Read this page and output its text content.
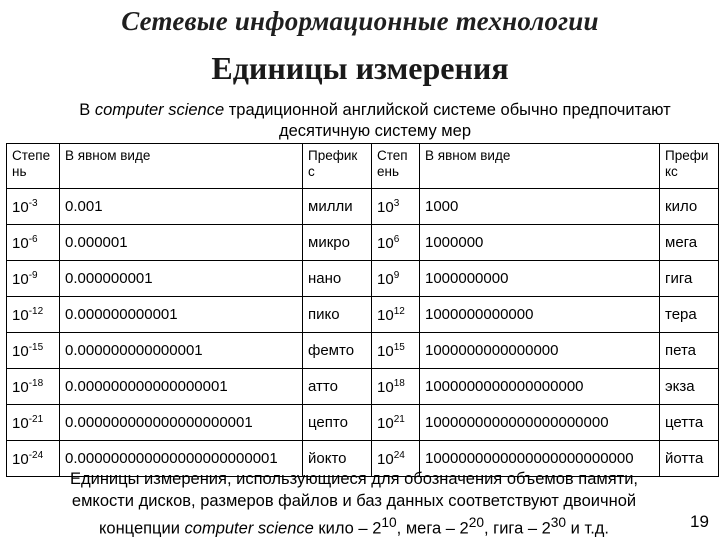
Сетевые информационные технологии
Единицы измерения
В computer science традиционной английской системе обычно предпочитают
десятичную систему мер
Степе нь	В явном виде	Префик с	Степ ень	В явном виде	Префи кс
$10^{-3}$	0.001	милли	$10^3$	1000	кило
$10^{-6}$	0.000001	микро	$10^6$	1000000	мега
$10^{-9}$	0.000000001	нано	$10^9$	1000000000	гига
$10^{-12}$	0.000000000001	пико	$10^{12}$	1000000000000	тера
$10^{-15}$	0.000000000000001	фемто	$10^{15}$	1000000000000000	пета
$10^{-18}$	0.000000000000000001	атто	$10^{18}$	1000000000000000000	экза
$10^{-21}$	0.000000000000000000001	цепто	$10^{21}$	1000000000000000000000	цетта
$10^{-24}$	0.000000000000000000000001	йокто	$10^{24}$	1000000000000000000000000	йотта
Единицы измерения, использующиеся для обозначения объемов памяти,
емкости дисков, размеров файлов и баз данных соответствуют двоичной
концепции computer science кило – $2^{10}$, мега – $2^{20}$, гига – $2^{30}$ и т.д.	19
